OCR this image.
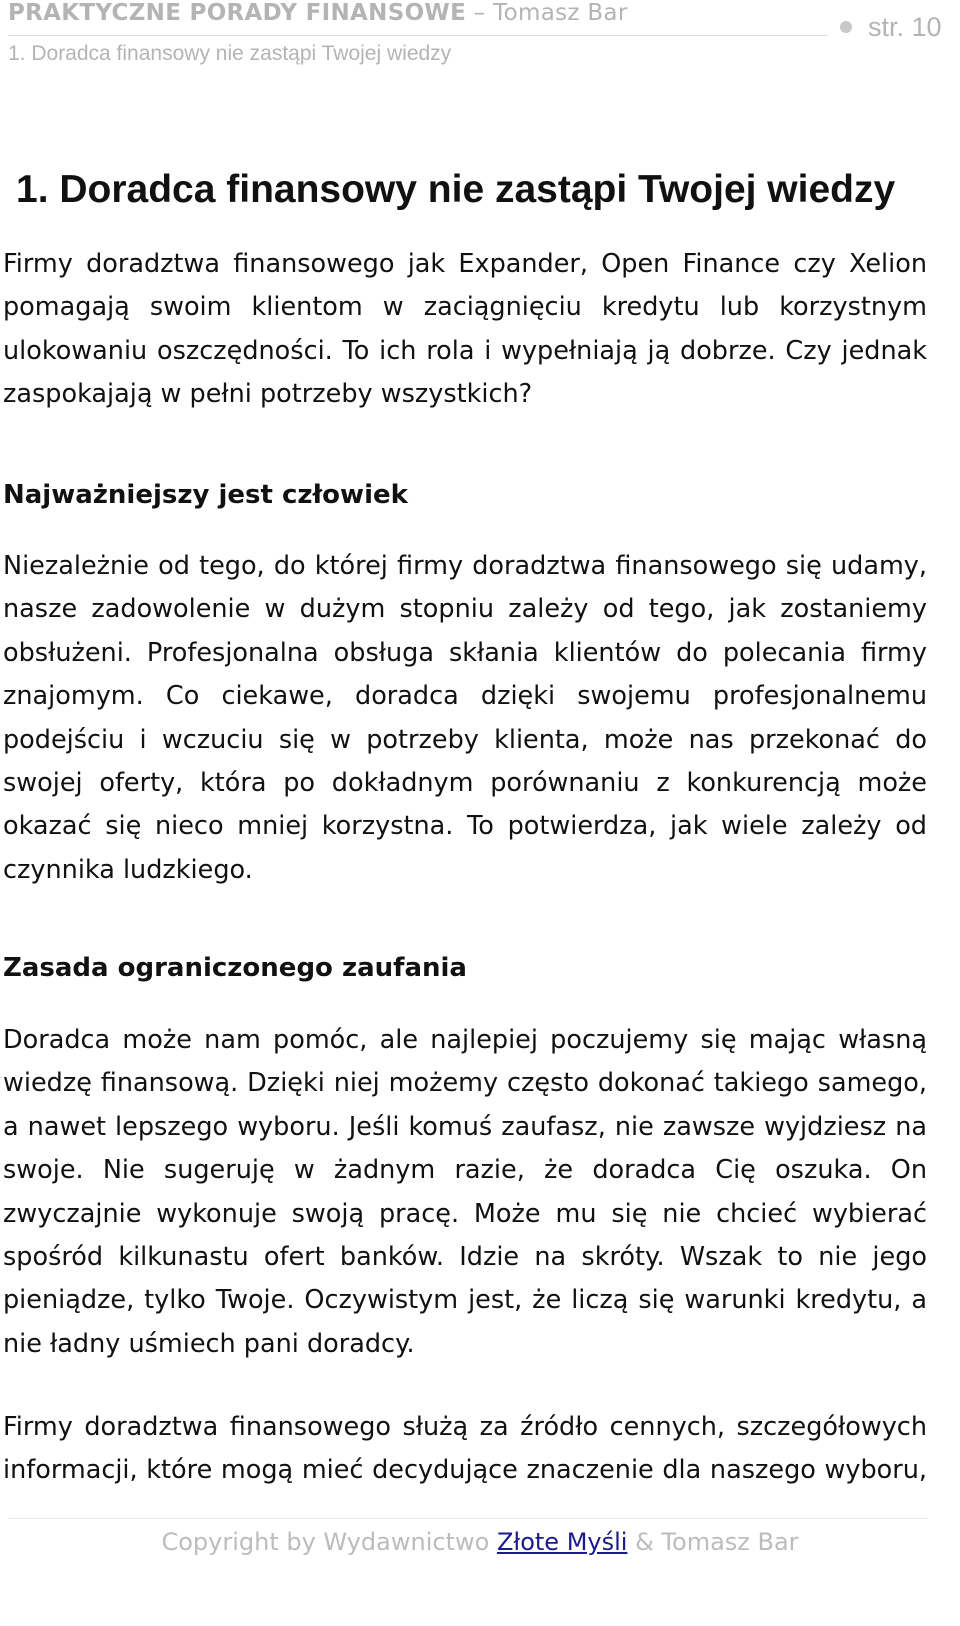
PRAKTYCZNE PORADY FINANSOWE – Tomasz Bar
1. Doradca finansowy nie zastąpi Twojej wiedzy
str. 10
1. Doradca finansowy nie zastąpi Twojej wiedzy

Firmy doradztwa finansowego jak Expander, Open Finance czy Xelion pomagają swoim klientom w zaciągnięciu kredytu lub korzystnym ulokowaniu oszczędności. To ich rola i wypełniają ją dobrze. Czy jednak zaspokajają w pełni potrzeby wszystkich?

Najważniejszy jest człowiek

Niezależnie od tego, do której firmy doradztwa finansowego się udamy, nasze zadowolenie w dużym stopniu zależy od tego, jak zostaniemy obsłużeni. Profesjonalna obsługa skłania klientów do polecania firmy znajomym. Co ciekawe, doradca dzięki swojemu profesjonalnemu podejściu i wczuciu się w potrzeby klienta, może nas przekonać do swojej oferty, która po dokładnym porównaniu z konkurencją może okazać się nieco mniej korzystna. To potwierdza, jak wiele zależy od czynnika ludzkiego.

Zasada ograniczonego zaufania

Doradca może nam pomóc, ale najlepiej poczujemy się mając własną wiedzę finansową. Dzięki niej możemy często dokonać takiego samego, a nawet lepszego wyboru. Jeśli komuś zaufasz, nie zawsze wyjdziesz na swoje. Nie sugeruję w żadnym razie, że doradca Cię oszuka. On zwyczajnie wykonuje swoją pracę. Może mu się nie chcieć wybierać spośród kilkunastu ofert banków. Idzie na skróty. Wszak to nie jego pieniądze, tylko Twoje. Oczywistym jest, że liczą się warunki kredytu, a nie ładny uśmiech pani doradcy.

Firmy doradztwa finansowego służą za źródło cennych, szczegółowych informacji, które mogą mieć decydujące znaczenie dla naszego wyboru,

Copyright by Wydawnictwo Złote Myśli & Tomasz Bar
